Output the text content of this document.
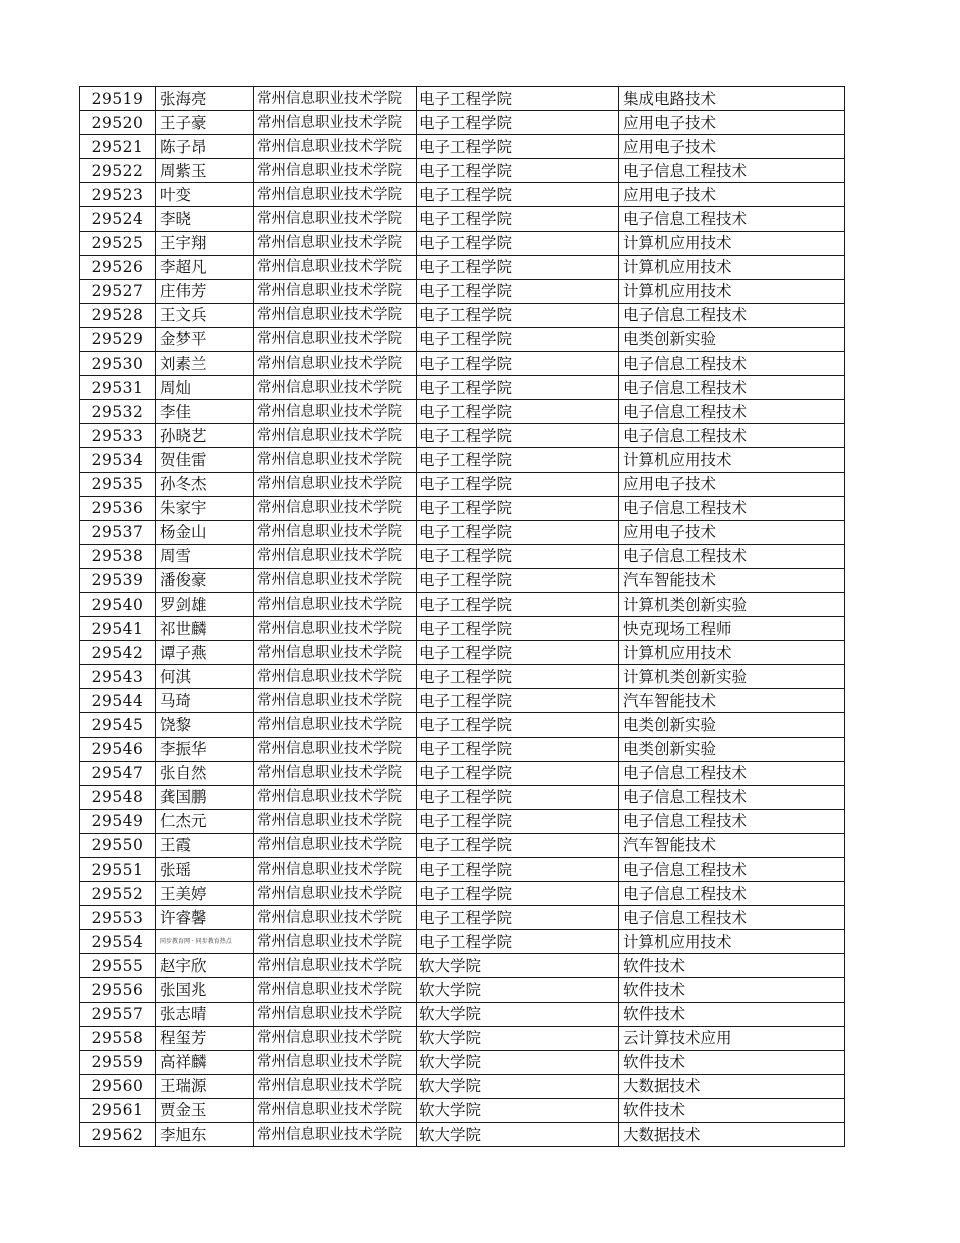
29519	张海亮	常州信息职业技术学院	电子工程学院	集成电路技术
29520	王子豪	常州信息职业技术学院	电子工程学院	应用电子技术
29521	陈子昂	常州信息职业技术学院	电子工程学院	应用电子技术
29522	周紫玉	常州信息职业技术学院	电子工程学院	电子信息工程技术
29523	叶变	常州信息职业技术学院	电子工程学院	应用电子技术
29524	李晓	常州信息职业技术学院	电子工程学院	电子信息工程技术
29525	王宇翔	常州信息职业技术学院	电子工程学院	计算机应用技术
29526	李超凡	常州信息职业技术学院	电子工程学院	计算机应用技术
29527	庄伟芳	常州信息职业技术学院	电子工程学院	计算机应用技术
29528	王文兵	常州信息职业技术学院	电子工程学院	电子信息工程技术
29529	金梦平	常州信息职业技术学院	电子工程学院	电类创新实验
29530	刘素兰	常州信息职业技术学院	电子工程学院	电子信息工程技术
29531	周灿	常州信息职业技术学院	电子工程学院	电子信息工程技术
29532	李佳	常州信息职业技术学院	电子工程学院	电子信息工程技术
29533	孙晓艺	常州信息职业技术学院	电子工程学院	电子信息工程技术
29534	贺佳雷	常州信息职业技术学院	电子工程学院	计算机应用技术
29535	孙冬杰	常州信息职业技术学院	电子工程学院	应用电子技术
29536	朱家宇	常州信息职业技术学院	电子工程学院	电子信息工程技术
29537	杨金山	常州信息职业技术学院	电子工程学院	应用电子技术
29538	周雪	常州信息职业技术学院	电子工程学院	电子信息工程技术
29539	潘俊豪	常州信息职业技术学院	电子工程学院	汽车智能技术
29540	罗剑雄	常州信息职业技术学院	电子工程学院	计算机类创新实验
29541	祁世麟	常州信息职业技术学院	电子工程学院	快克现场工程师
29542	谭子燕	常州信息职业技术学院	电子工程学院	计算机应用技术
29543	何淇	常州信息职业技术学院	电子工程学院	计算机类创新实验
29544	马琦	常州信息职业技术学院	电子工程学院	汽车智能技术
29545	饶黎	常州信息职业技术学院	电子工程学院	电类创新实验
29546	李振华	常州信息职业技术学院	电子工程学院	电类创新实验
29547	张自然	常州信息职业技术学院	电子工程学院	电子信息工程技术
29548	龚国鹏	常州信息职业技术学院	电子工程学院	电子信息工程技术
29549	仁杰元	常州信息职业技术学院	电子工程学院	电子信息工程技术
29550	王霞	常州信息职业技术学院	电子工程学院	汽车智能技术
29551	张瑶	常州信息职业技术学院	电子工程学院	电子信息工程技术
29552	王美婷	常州信息职业技术学院	电子工程学院	电子信息工程技术
29553	许睿馨	常州信息职业技术学院	电子工程学院	电子信息工程技术
29554	同步教育网 · 同步教育热点	常州信息职业技术学院	电子工程学院	计算机应用技术
29555	赵宇欣	常州信息职业技术学院	软大学院	软件技术
29556	张国兆	常州信息职业技术学院	软大学院	软件技术
29557	张志晴	常州信息职业技术学院	软大学院	软件技术
29558	程玺芳	常州信息职业技术学院	软大学院	云计算技术应用
29559	高祥麟	常州信息职业技术学院	软大学院	软件技术
29560	王瑞源	常州信息职业技术学院	软大学院	大数据技术
29561	贾金玉	常州信息职业技术学院	软大学院	软件技术
29562	李旭东	常州信息职业技术学院	软大学院	大数据技术
